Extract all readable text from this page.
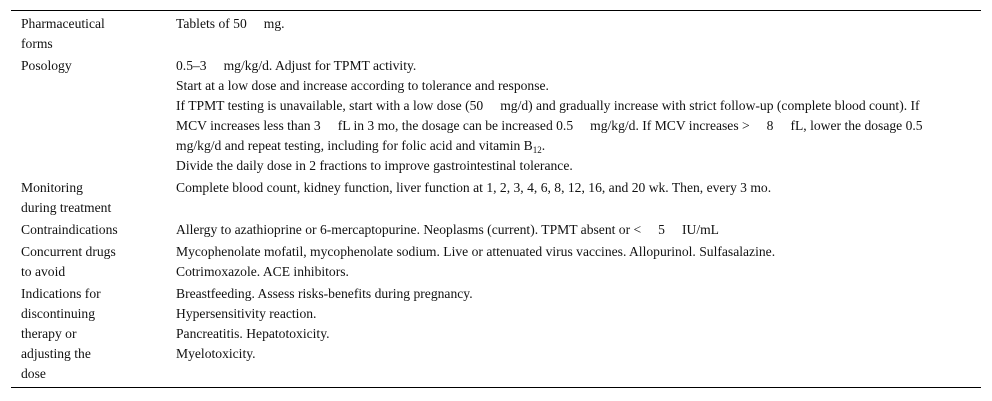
Pharmaceutical
forms
Tablets of 50  mg.
Posology	0.5–3  mg/kg/d. Adjust for TPMT activity.
Start at a low dose and increase according to tolerance and response.
If TPMT testing is unavailable, start with a low dose (50  mg/d) and gradually increase with strict follow-up (complete blood count). If MCV increases less than 3  fL in 3 mo, the dosage can be increased 0.5  mg/kg/d. If MCV increases >  8  fL, lower the dosage 0.5  mg/kg/d and repeat testing, including for folic acid and vitamin $B_{12}$.
Divide the daily dose in 2 fractions to improve gastrointestinal tolerance.
Monitoring
during treatment
Complete blood count, kidney function, liver function at 1, 2, 3, 4, 6, 8, 12, 16, and 20 wk. Then, every 3 mo.
Contraindications	Allergy to azathioprine or 6-mercaptopurine. Neoplasms (current). TPMT absent or <  5  IU/mL
Concurrent drugs
to avoid
Mycophenolate mofatil, mycophenolate sodium. Live or attenuated virus vaccines. Allopurinol. Sulfasalazine.
Cotrimoxazole. ACE inhibitors.
Indications for
discontinuing
therapy or
adjusting the
dose
Breastfeeding. Assess risks-benefits during pregnancy.
Hypersensitivity reaction.
Pancreatitis. Hepatotoxicity.
Myelotoxicity.
